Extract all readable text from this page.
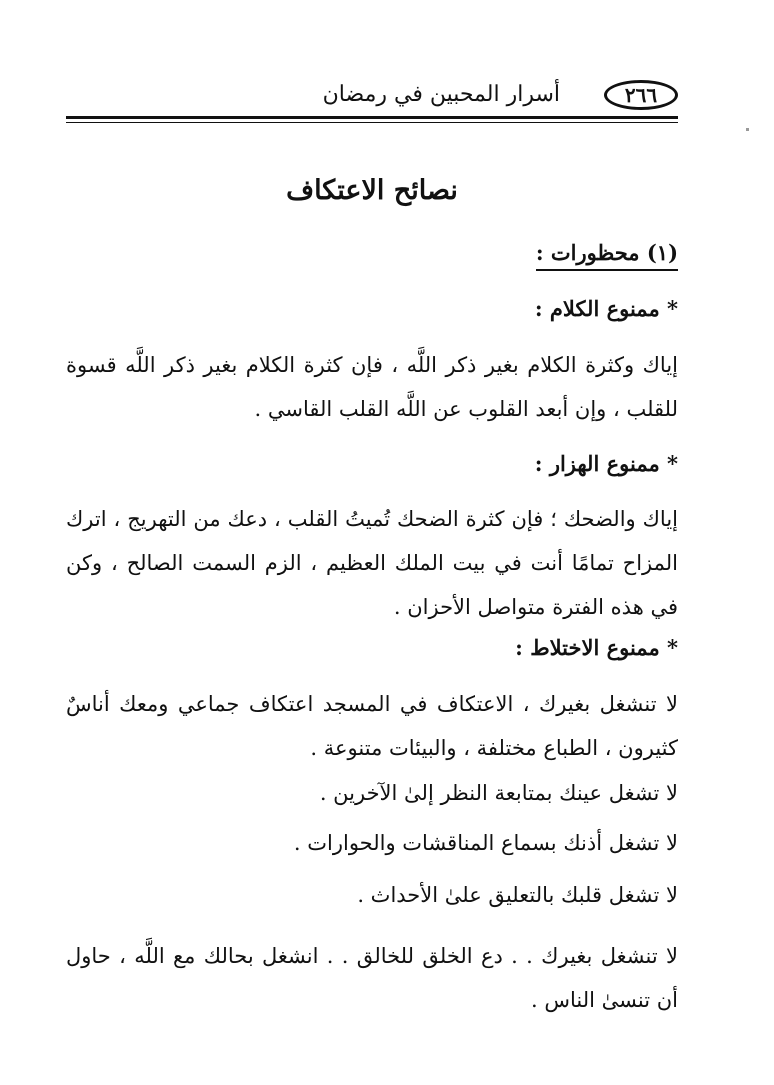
٢٦٦
أسرار المحبين في رمضان
نصائح الاعتكاف
(١) محظورات :
* ممنوع الكلام :

إياك وكثرة الكلام بغير ذكر اللَّه ، فإن كثرة الكلام بغير ذكر اللَّه قسوة للقلب ، وإن أبعد القلوب عن اللَّه القلب القاسي .

* ممنوع الهزار :

إياك والضحك ؛ فإن كثرة الضحك تُميتُ القلب ، دعك من التهريج ، اترك المزاح تمامًا أنت في بيت الملك العظيم ، الزم السمت الصالح ، وكن في هذه الفترة متواصل الأحزان .

* ممنوع الاختلاط :

لا تنشغل بغيرك ، الاعتكاف في المسجد اعتكاف جماعي ومعك أناسٌ كثيرون ، الطباع مختلفة ، والبيئات متنوعة .

لا تشغل عينك بمتابعة النظر إلىٰ الآخرين .

لا تشغل أذنك بسماع المناقشات والحوارات .

لا تشغل قلبك بالتعليق علىٰ الأحداث .

لا تنشغل بغيرك . . دع الخلق للخالق . . انشغل بحالك مع اللَّه ، حاول أن تنسىٰ الناس .
